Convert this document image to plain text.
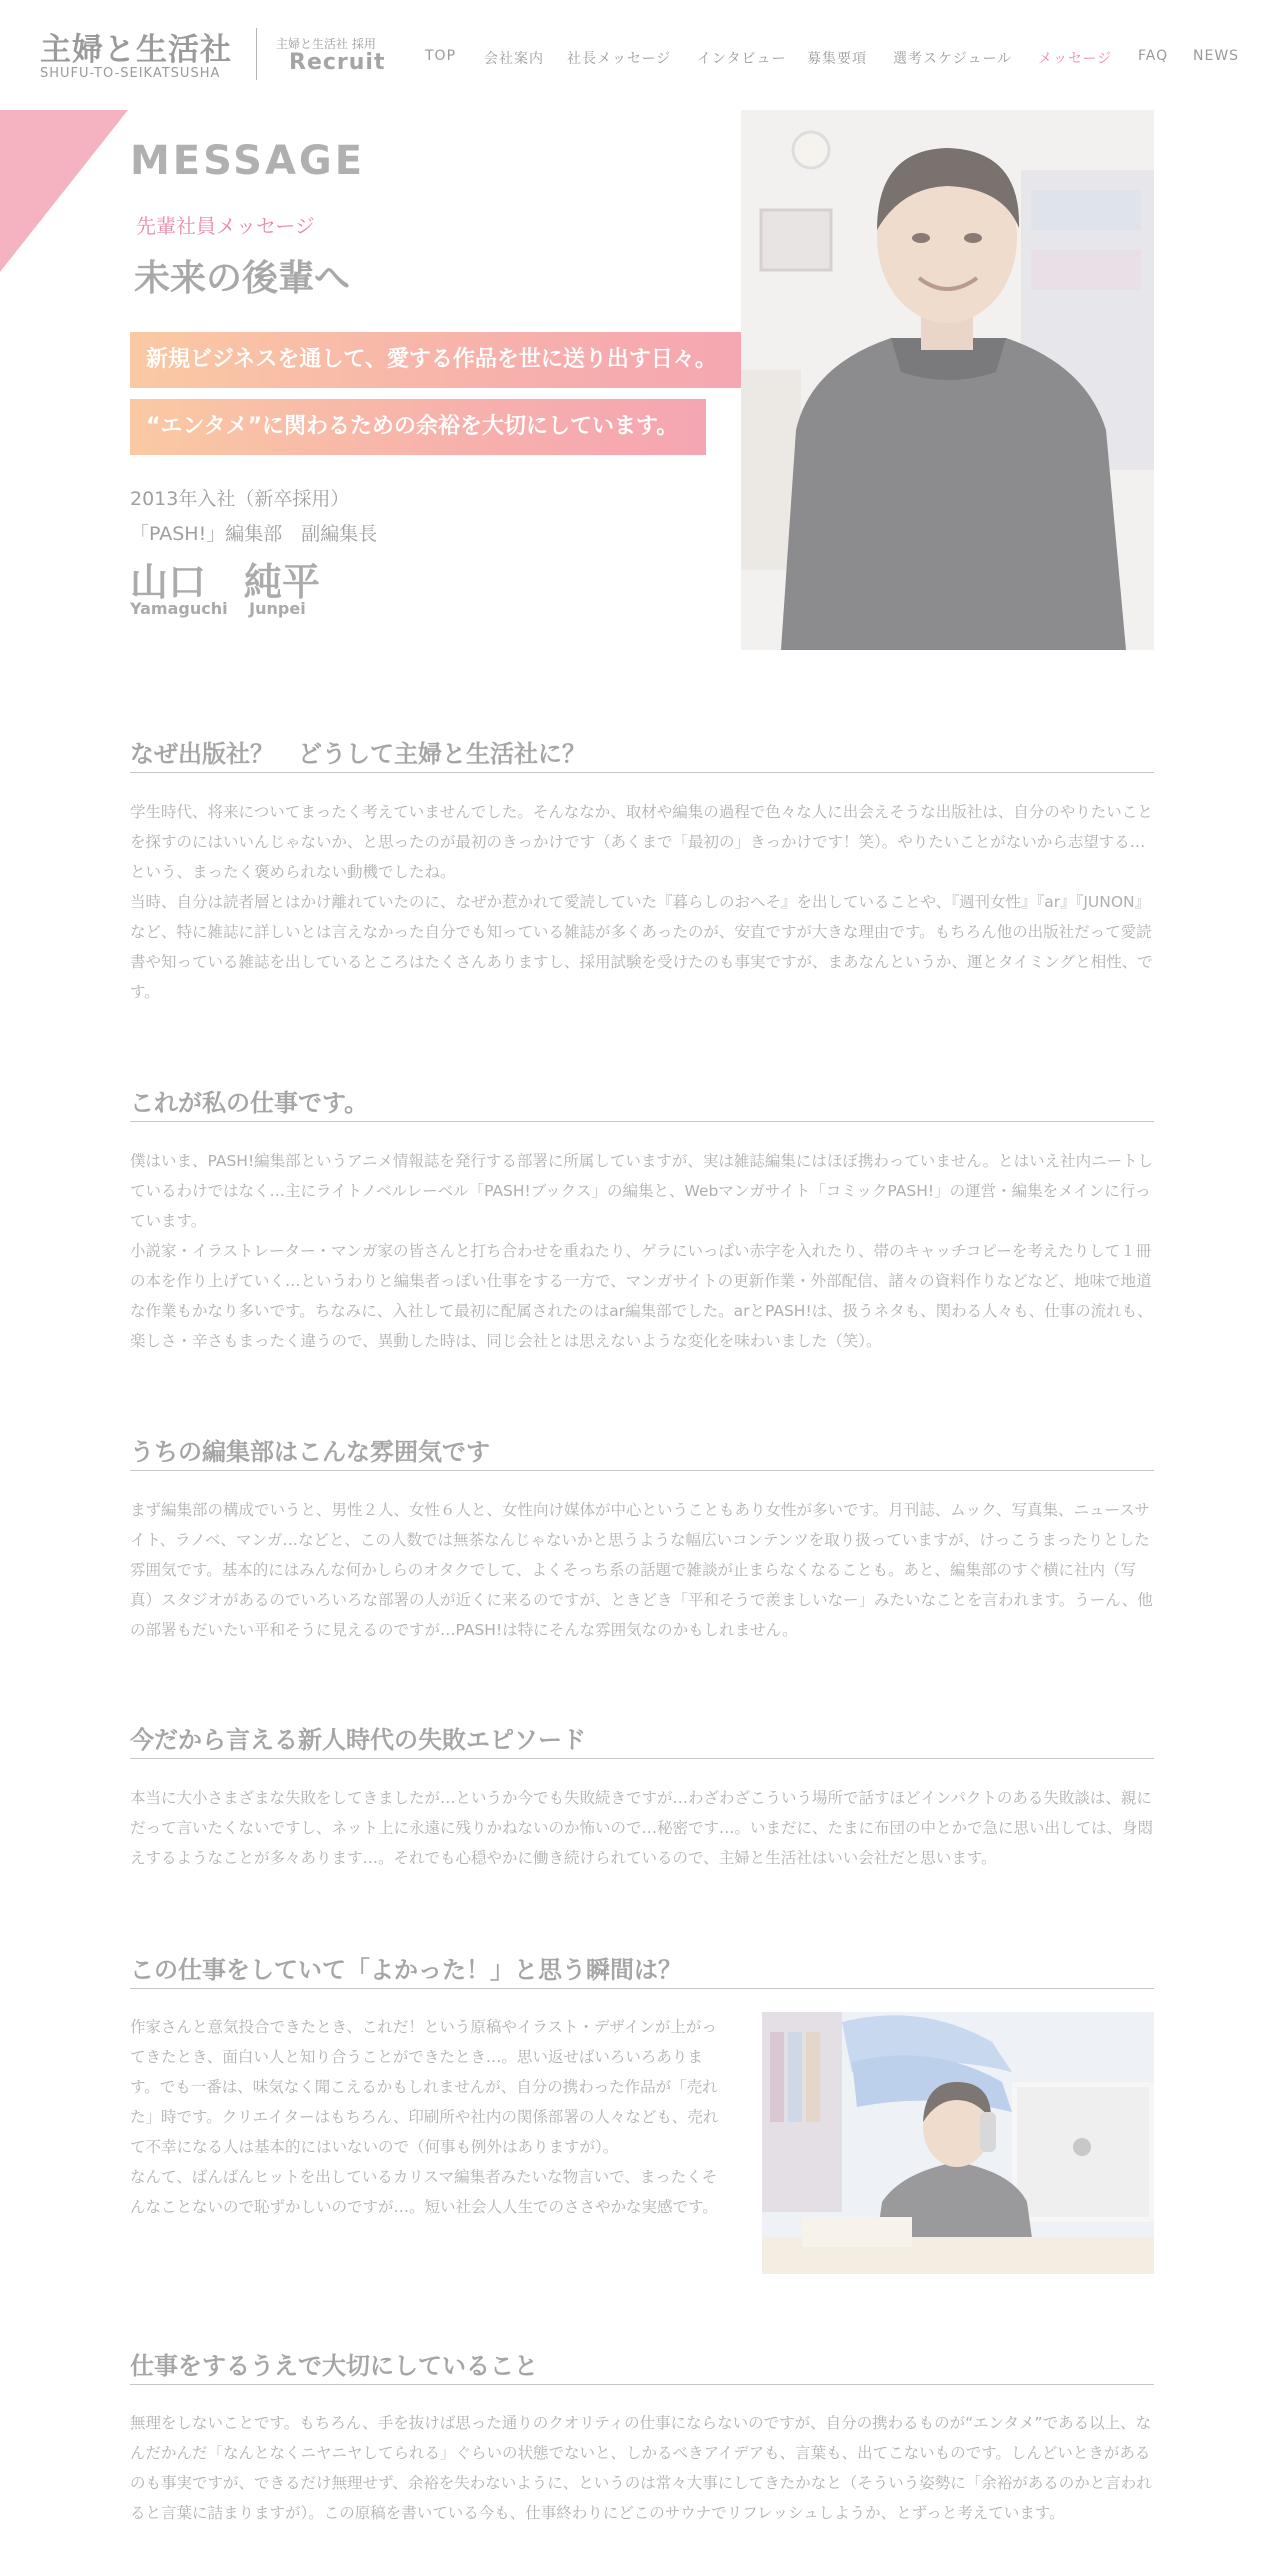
主婦と生活社
SHUFU-TO-SEIKATSUSHA
主婦と生活社 採用
Recruit	TOP 会社案内 社長メッセージ インタビュー 募集要項 選考スケジュール メッセージ FAQ NEWS
MESSAGE
先輩社員メッセージ
未来の後輩へ
新規ビジネスを通して、愛する作品を世に送り出す日々。
“エンタメ”に関わるための余裕を大切にしています。
2013年入社（新卒採用）
「PASH!」編集部　副編集長
山口　純平
Yamaguchi　 Junpei
なぜ出版社？　どうして主婦と生活社に？

学生時代、将来についてまったく考えていませんでした。そんななか、取材や編集の過程で色々な人に出会えそうな出版社は、自分のやりたいことを探すのにはいいんじゃないか、と思ったのが最初のきっかけです（あくまで「最初の」きっかけです！笑）。やりたいことがないから志望する…という、まったく褒められない動機でしたね。

当時、自分は読者層とはかけ離れていたのに、なぜか惹かれて愛読していた『暮らしのおへそ』を出していることや、『週刊女性』『ar』『JUNON』など、特に雑誌に詳しいとは言えなかった自分でも知っている雑誌が多くあったのが、安直ですが大きな理由です。もちろん他の出版社だって愛読書や知っている雑誌を出しているところはたくさんありますし、採用試験を受けたのも事実ですが、まあなんというか、運とタイミングと相性、です。

これが私の仕事です。

僕はいま、PASH!編集部というアニメ情報誌を発行する部署に所属していますが、実は雑誌編集にはほぼ携わっていません。とはいえ社内ニートしているわけではなく…主にライトノベルレーベル「PASH!ブックス」の編集と、Webマンガサイト「コミックPASH!」の運営・編集をメインに行っています。

小説家・イラストレーター・マンガ家の皆さんと打ち合わせを重ねたり、ゲラにいっぱい赤字を入れたり、帯のキャッチコピーを考えたりして１冊の本を作り上げていく…というわりと編集者っぽい仕事をする一方で、マンガサイトの更新作業・外部配信、諸々の資料作りなどなど、地味で地道な作業もかなり多いです。ちなみに、入社して最初に配属されたのはar編集部でした。arとPASH!は、扱うネタも、関わる人々も、仕事の流れも、楽しさ・辛さもまったく違うので、異動した時は、同じ会社とは思えないような変化を味わいました（笑）。

うちの編集部はこんな雰囲気です

まず編集部の構成でいうと、男性２人、女性６人と、女性向け媒体が中心ということもあり女性が多いです。月刊誌、ムック、写真集、ニュースサイト、ラノベ、マンガ…などと、この人数では無茶なんじゃないかと思うような幅広いコンテンツを取り扱っていますが、けっこうまったりとした雰囲気です。基本的にはみんな何かしらのオタクでして、よくそっち系の話題で雑談が止まらなくなることも。あと、編集部のすぐ横に社内（写真）スタジオがあるのでいろいろな部署の人が近くに来るのですが、ときどき「平和そうで羨ましいなー」みたいなことを言われます。うーん、他の部署もだいたい平和そうに見えるのですが…PASH!は特にそんな雰囲気なのかもしれません。

今だから言える新人時代の失敗エピソード

本当に大小さまざまな失敗をしてきましたが…というか今でも失敗続きですが…わざわざこういう場所で話すほどインパクトのある失敗談は、親にだって言いたくないですし、ネット上に永遠に残りかねないのか怖いので…秘密です…。いまだに、たまに布団の中とかで急に思い出しては、身悶えするようなことが多々あります…。それでも心穏やかに働き続けられているので、主婦と生活社はいい会社だと思います。

この仕事をしていて「よかった！」と思う瞬間は？

作家さんと意気投合できたとき、これだ！という原稿やイラスト・デザインが上がってきたとき、面白い人と知り合うことができたとき…。思い返せばいろいろあります。でも一番は、味気なく聞こえるかもしれませんが、自分の携わった作品が「売れた」時です。クリエイターはもちろん、印刷所や社内の関係部署の人々なども、売れて不幸になる人は基本的にはいないので（何事も例外はありますが）。

なんて、ばんばんヒットを出しているカリスマ編集者みたいな物言いで、まったくそんなことないので恥ずかしいのですが…。短い社会人人生でのささやかな実感です。

仕事をするうえで大切にしていること

無理をしないことです。もちろん、手を抜けば思った通りのクオリティの仕事にならないのですが、自分の携わるものが“エンタメ”である以上、なんだかんだ「なんとなくニヤニヤしてられる」ぐらいの状態でないと、しかるべきアイデアも、言葉も、出てこないものです。しんどいときがあるのも事実ですが、できるだけ無理せず、余裕を失わないように、というのは常々大事にしてきたかなと（そういう姿勢に「余裕があるのかと言われると言葉に詰まりますが）。この原稿を書いている今も、仕事終わりにどこのサウナでリフレッシュしようか、とずっと考えています。
